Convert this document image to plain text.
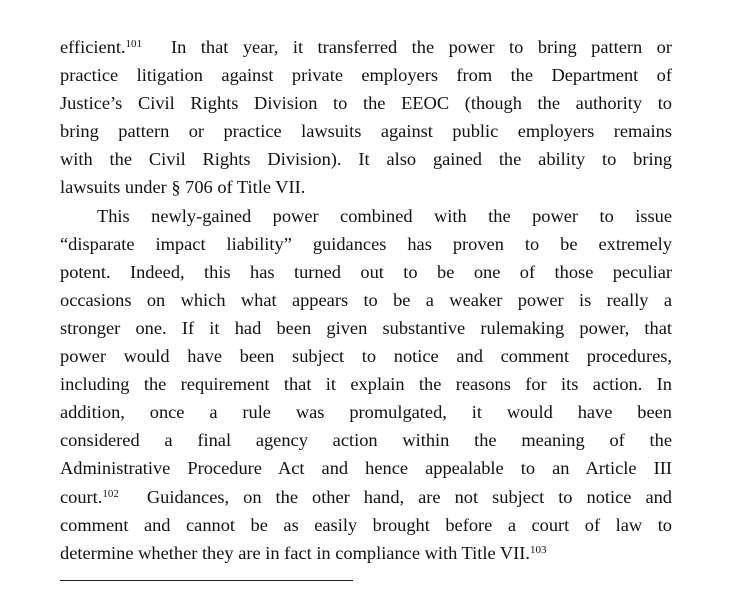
efficient.$^{101}$  In that year, it transferred the power to bring pattern or
practice litigation against private employers from the Department of
Justice’s Civil Rights Division to the EEOC (though the authority to
bring pattern or practice lawsuits against public employers remains
with the Civil Rights Division). It also gained the ability to bring
lawsuits under § 706 of Title VII.
This newly-gained power combined with the power to issue
“disparate impact liability” guidances has proven to be extremely
potent. Indeed, this has turned out to be one of those peculiar
occasions on which what appears to be a weaker power is really a
stronger one. If it had been given substantive rulemaking power, that
power would have been subject to notice and comment procedures,
including the requirement that it explain the reasons for its action. In
addition, once a rule was promulgated, it would have been
considered a final agency action within the meaning of the
Administrative Procedure Act and hence appealable to an Article III
court.$^{102}$  Guidances, on the other hand, are not subject to notice and
comment and cannot be as easily brought before a court of law to
determine whether they are in fact in compliance with Title VII.$^{103}$
